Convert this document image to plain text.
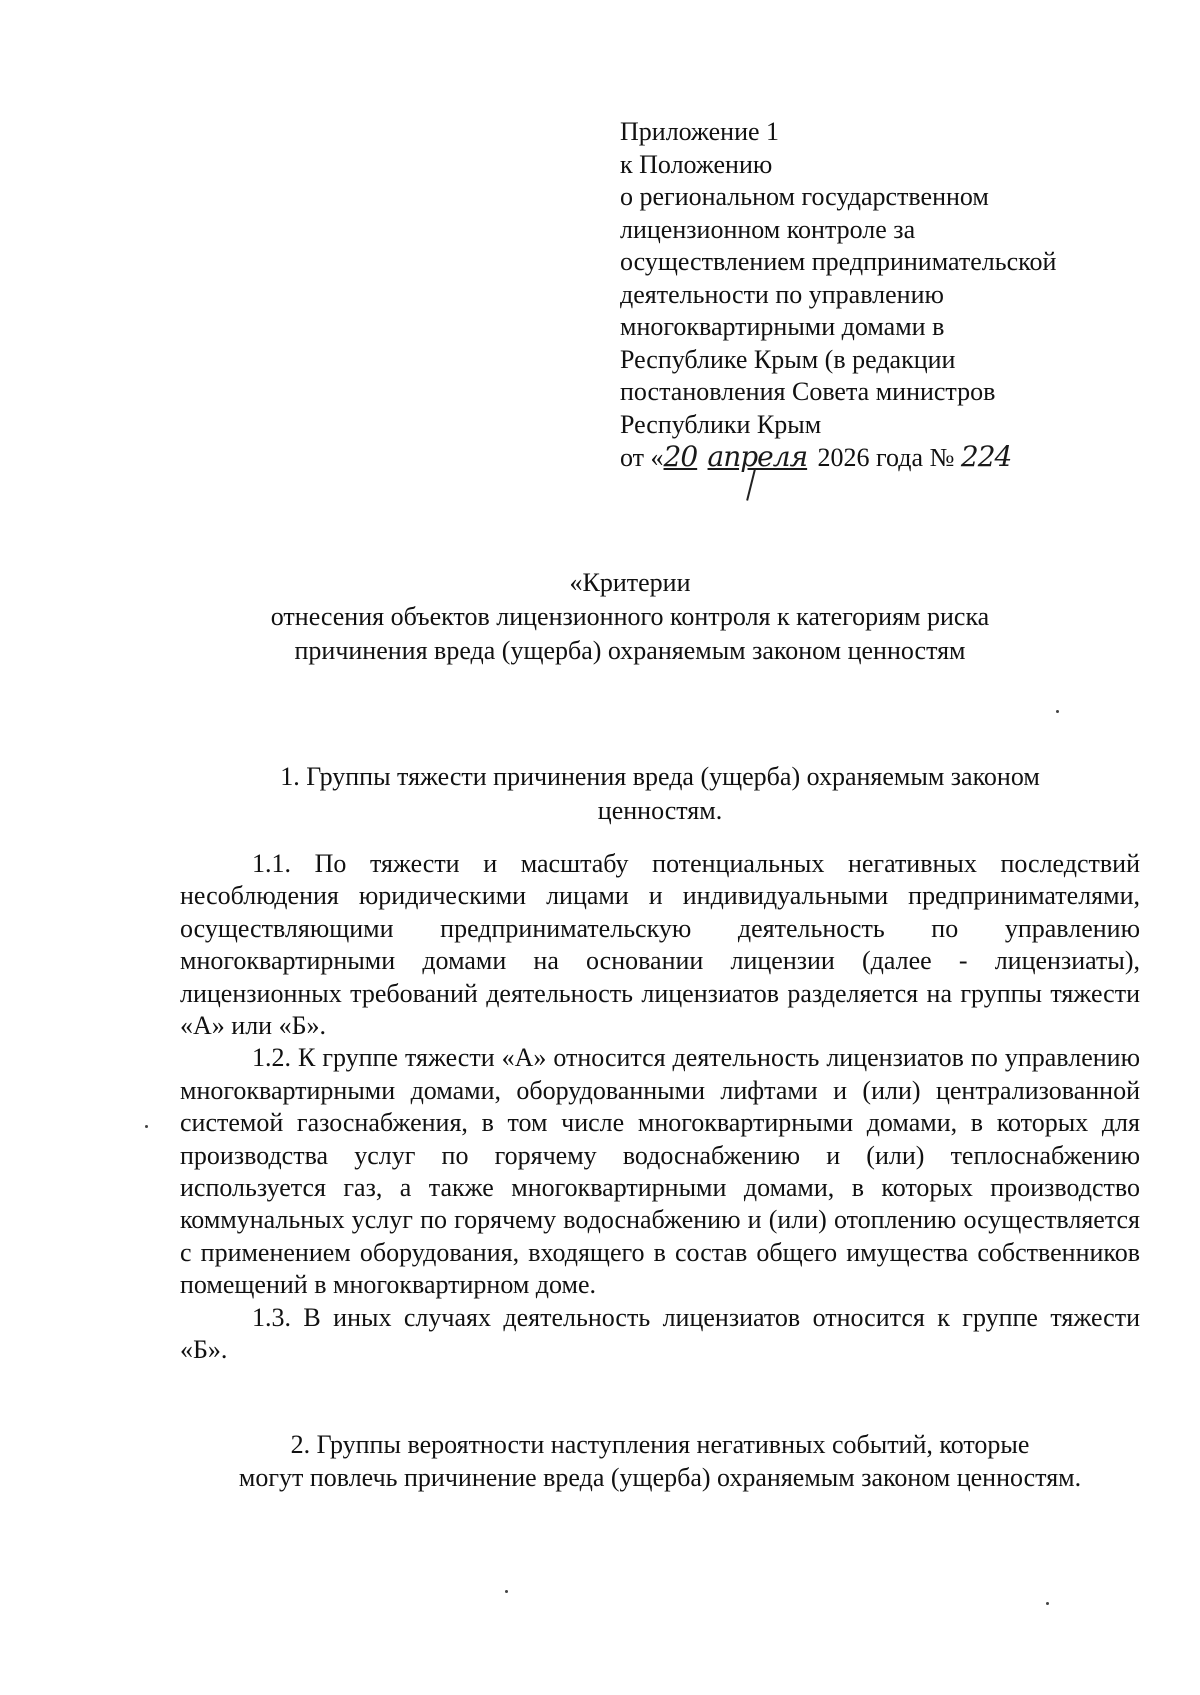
Приложение 1
к Положению
о региональном государственном
лицензионном контроле за
осуществлением предпринимательской
деятельности по управлению
многоквартирными домами в
Республике Крым (в редакции
постановления Совета министров
Республики Крым
от «20 апреля 2026 года № 224
«Критерии
отнесения объектов лицензионного контроля к категориям риска
причинения вреда (ущерба) охраняемым законом ценностям
1. Группы тяжести причинения вреда (ущерба) охраняемым законом
ценностям.

1.1. По тяжести и масштабу потенциальных негативных последствий несоблюдения юридическими лицами и индивидуальными предпринимателями, осуществляющими предпринимательскую деятельность по управлению многоквартирными домами на основании лицензии (далее - лицензиаты), лицензионных требований деятельность лицензиатов разделяется на группы тяжести «А» или «Б».

1.2. К группе тяжести «А» относится деятельность лицензиатов по управлению многоквартирными домами, оборудованными лифтами и (или) централизованной системой газоснабжения, в том числе многоквартирными домами, в которых для производства услуг по горячему водоснабжению и (или) теплоснабжению используется газ, а также многоквартирными домами, в которых производство коммунальных услуг по горячему водоснабжению и (или) отоплению осуществляется с применением оборудования, входящего в состав общего имущества собственников помещений в многоквартирном доме.

1.3. В иных случаях деятельность лицензиатов относится к группе тяжести «Б».

2. Группы вероятности наступления негативных событий, которые
могут повлечь причинение вреда (ущерба) охраняемым законом ценностям.
